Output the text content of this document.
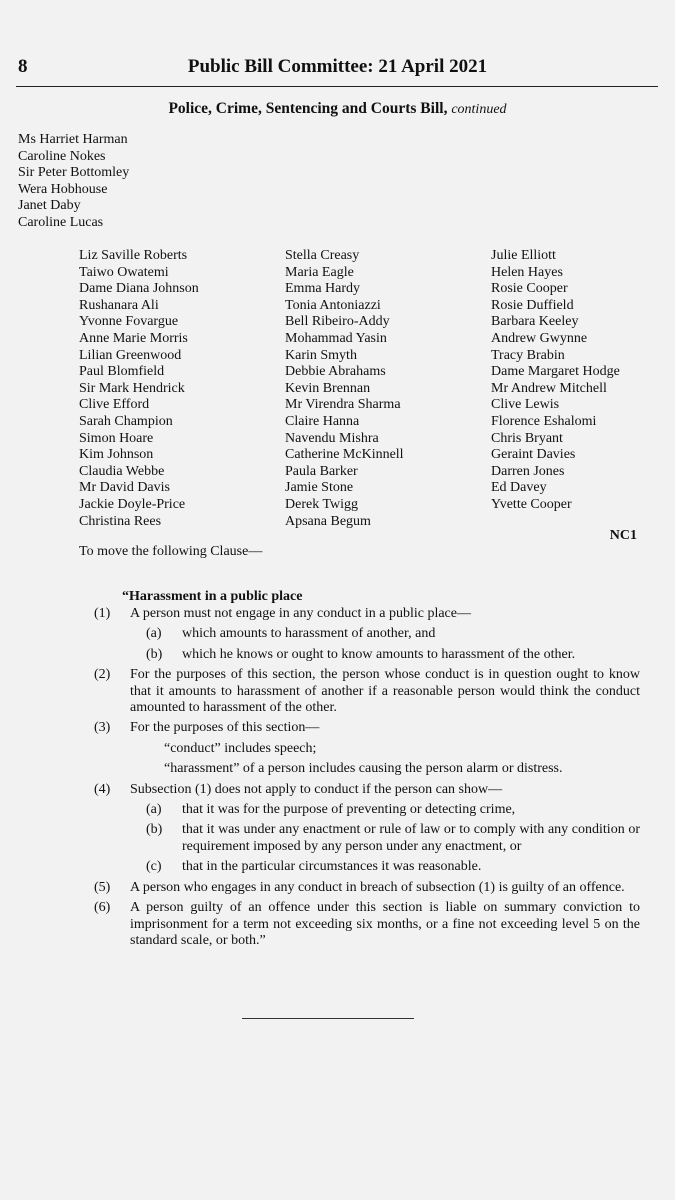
8	Public Bill Committee: 21 April 2021
Police, Crime, Sentencing and Courts Bill, continued
Ms Harriet Harman
Caroline Nokes
Sir Peter Bottomley
Wera Hobhouse
Janet Daby
Caroline Lucas
Liz Saville Roberts
Taiwo Owatemi
Dame Diana Johnson
Rushanara Ali
Yvonne Fovargue
Anne Marie Morris
Lilian Greenwood
Paul Blomfield
Sir Mark Hendrick
Clive Efford
Sarah Champion
Simon Hoare
Kim Johnson
Claudia Webbe
Mr David Davis
Jackie Doyle-Price
Christina Rees
Stella Creasy
Maria Eagle
Emma Hardy
Tonia Antoniazzi
Bell Ribeiro-Addy
Mohammad Yasin
Karin Smyth
Debbie Abrahams
Kevin Brennan
Mr Virendra Sharma
Claire Hanna
Navendu Mishra
Catherine McKinnell
Paula Barker
Jamie Stone
Derek Twigg
Apsana Begum
Julie Elliott
Helen Hayes
Rosie Cooper
Rosie Duffield
Barbara Keeley
Andrew Gwynne
Tracy Brabin
Dame Margaret Hodge
Mr Andrew Mitchell
Clive Lewis
Florence Eshalomi
Chris Bryant
Geraint Davies
Darren Jones
Ed Davey
Yvette Cooper
NC1
To move the following Clause—
“Harassment in a public place
(1) A person must not engage in any conduct in a public place—
(a) which amounts to harassment of another, and
(b) which he knows or ought to know amounts to harassment of the other.
(2) For the purposes of this section, the person whose conduct is in question ought to know that it amounts to harassment of another if a reasonable person would think the conduct amounted to harassment of the other.
(3) For the purposes of this section—
“conduct” includes speech;
“harassment” of a person includes causing the person alarm or distress.
(4) Subsection (1) does not apply to conduct if the person can show—
(a) that it was for the purpose of preventing or detecting crime,
(b) that it was under any enactment or rule of law or to comply with any condition or requirement imposed by any person under any enactment, or
(c) that in the particular circumstances it was reasonable.
(5) A person who engages in any conduct in breach of subsection (1) is guilty of an offence.
(6) A person guilty of an offence under this section is liable on summary conviction to imprisonment for a term not exceeding six months, or a fine not exceeding level 5 on the standard scale, or both.”
